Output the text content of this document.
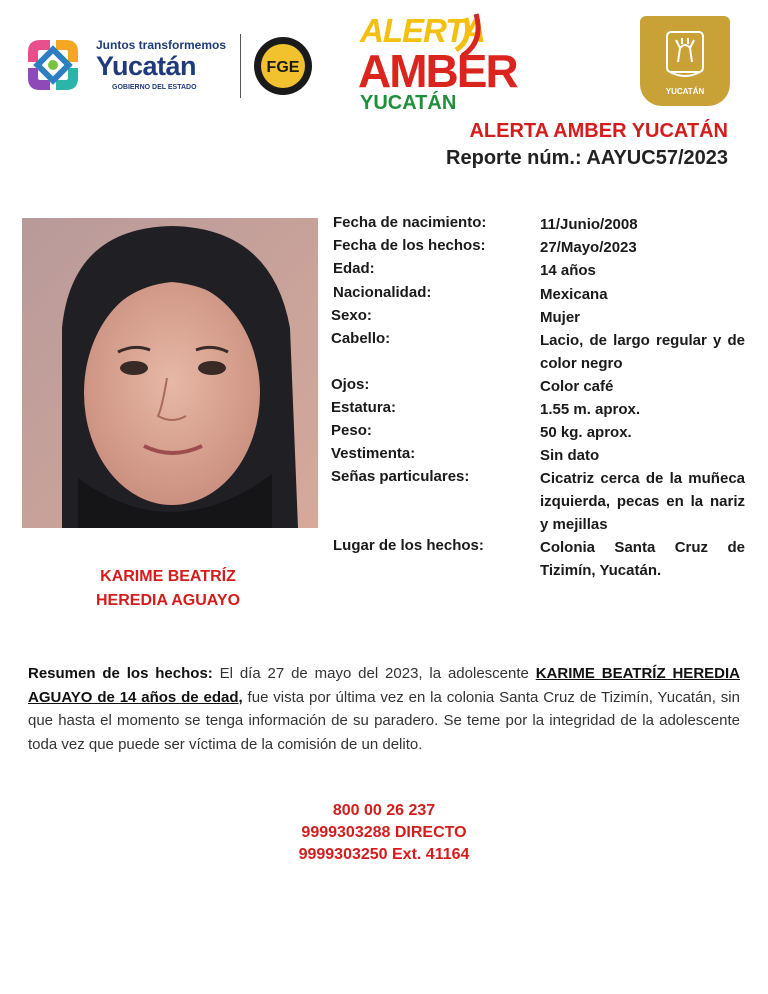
Juntos transformemos
Yucatán
GOBIERNO DEL ESTADO
FGE
ALERTA
AMBER
YUCATÁN
YUCATÁN
ALERTA AMBER YUCATÁN
Reporte núm.: AAYUC57/2023
KARIME BEATRÍZ
HEREDIA AGUAYO
Fecha de nacimiento:	11/Junio/2008
Fecha de los hechos:	27/Mayo/2023
Edad:	14 años
Nacionalidad:	Mexicana
Sexo:	Mujer
Cabello:	Lacio, de largo regular y de color negro
Ojos:	Color café
Estatura:	1.55 m. aprox.
Peso:	50 kg. aprox.
Vestimenta:	Sin dato
Señas particulares:	Cicatriz cerca de la muñeca izquierda, pecas en la nariz y mejillas
Lugar de los hechos:	Colonia Santa Cruz de Tizimín, Yucatán.
Resumen de los hechos: El día 27 de mayo del 2023, la adolescente KARIME BEATRÍZ HEREDIA AGUAYO de 14 años de edad, fue vista por última vez en la colonia Santa Cruz de Tizimín, Yucatán, sin que hasta el momento se tenga información de su paradero. Se teme por la integridad de la adolescente toda vez que puede ser víctima de la comisión de un delito.
800 00 26 237
9999303288 DIRECTO
9999303250 Ext. 41164
